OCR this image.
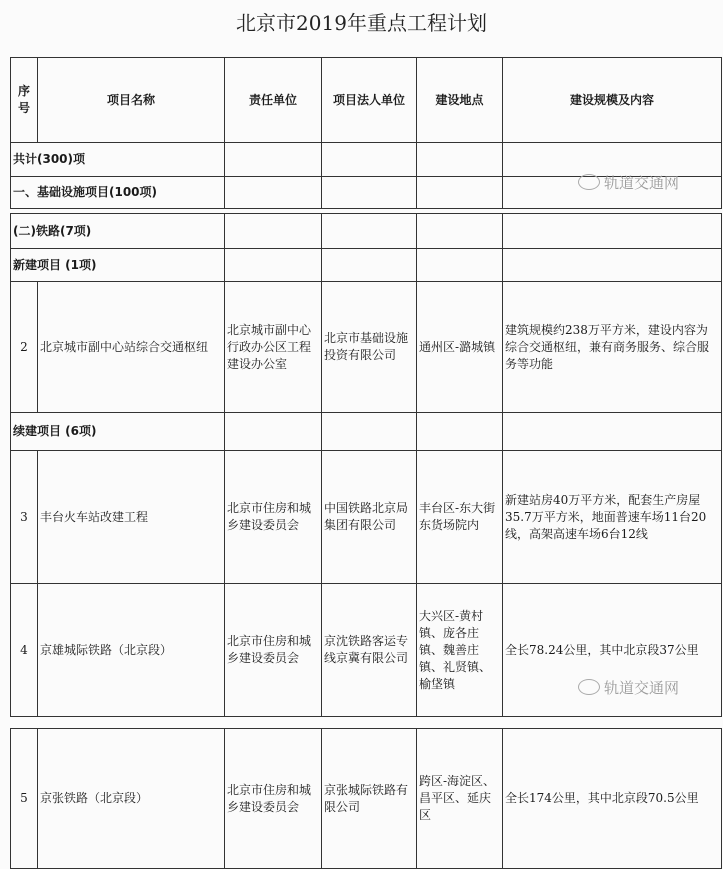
北京市2019年重点工程计划
序号	项目名称	责任单位	项目法人单位	建设地点	建设规模及内容
共计(300)项					
一、基础设施项目(100项)					
(二)铁路(7项)					
新建项目 (1项)					
2	北京城市副中心站综合交通枢纽	北京城市副中心行政办公区工程建设办公室	北京市基础设施投资有限公司	通州区-潞城镇	建筑规模约238万平方米，建设内容为综合交通枢纽，兼有商务服务、综合服务等功能
续建项目 (6项)					
3	丰台火车站改建工程	北京市住房和城乡建设委员会	中国铁路北京局集团有限公司	丰台区-东大街东货场院内	新建站房40万平方米，配套生产房屋35.7万平方米，地面普速车场11台20线，高架高速车场6台12线
4	京雄城际铁路（北京段）	北京市住房和城乡建设委员会	京沈铁路客运专线京冀有限公司	大兴区-黄村镇、庞各庄镇、魏善庄镇、礼贤镇、榆垡镇	全长78.24公里，其中北京段37公里
5	京张铁路（北京段）	北京市住房和城乡建设委员会	京张城际铁路有限公司	跨区-海淀区、昌平区、延庆区	全长174公里，其中北京段70.5公里
轨道交通网
轨道交通网
